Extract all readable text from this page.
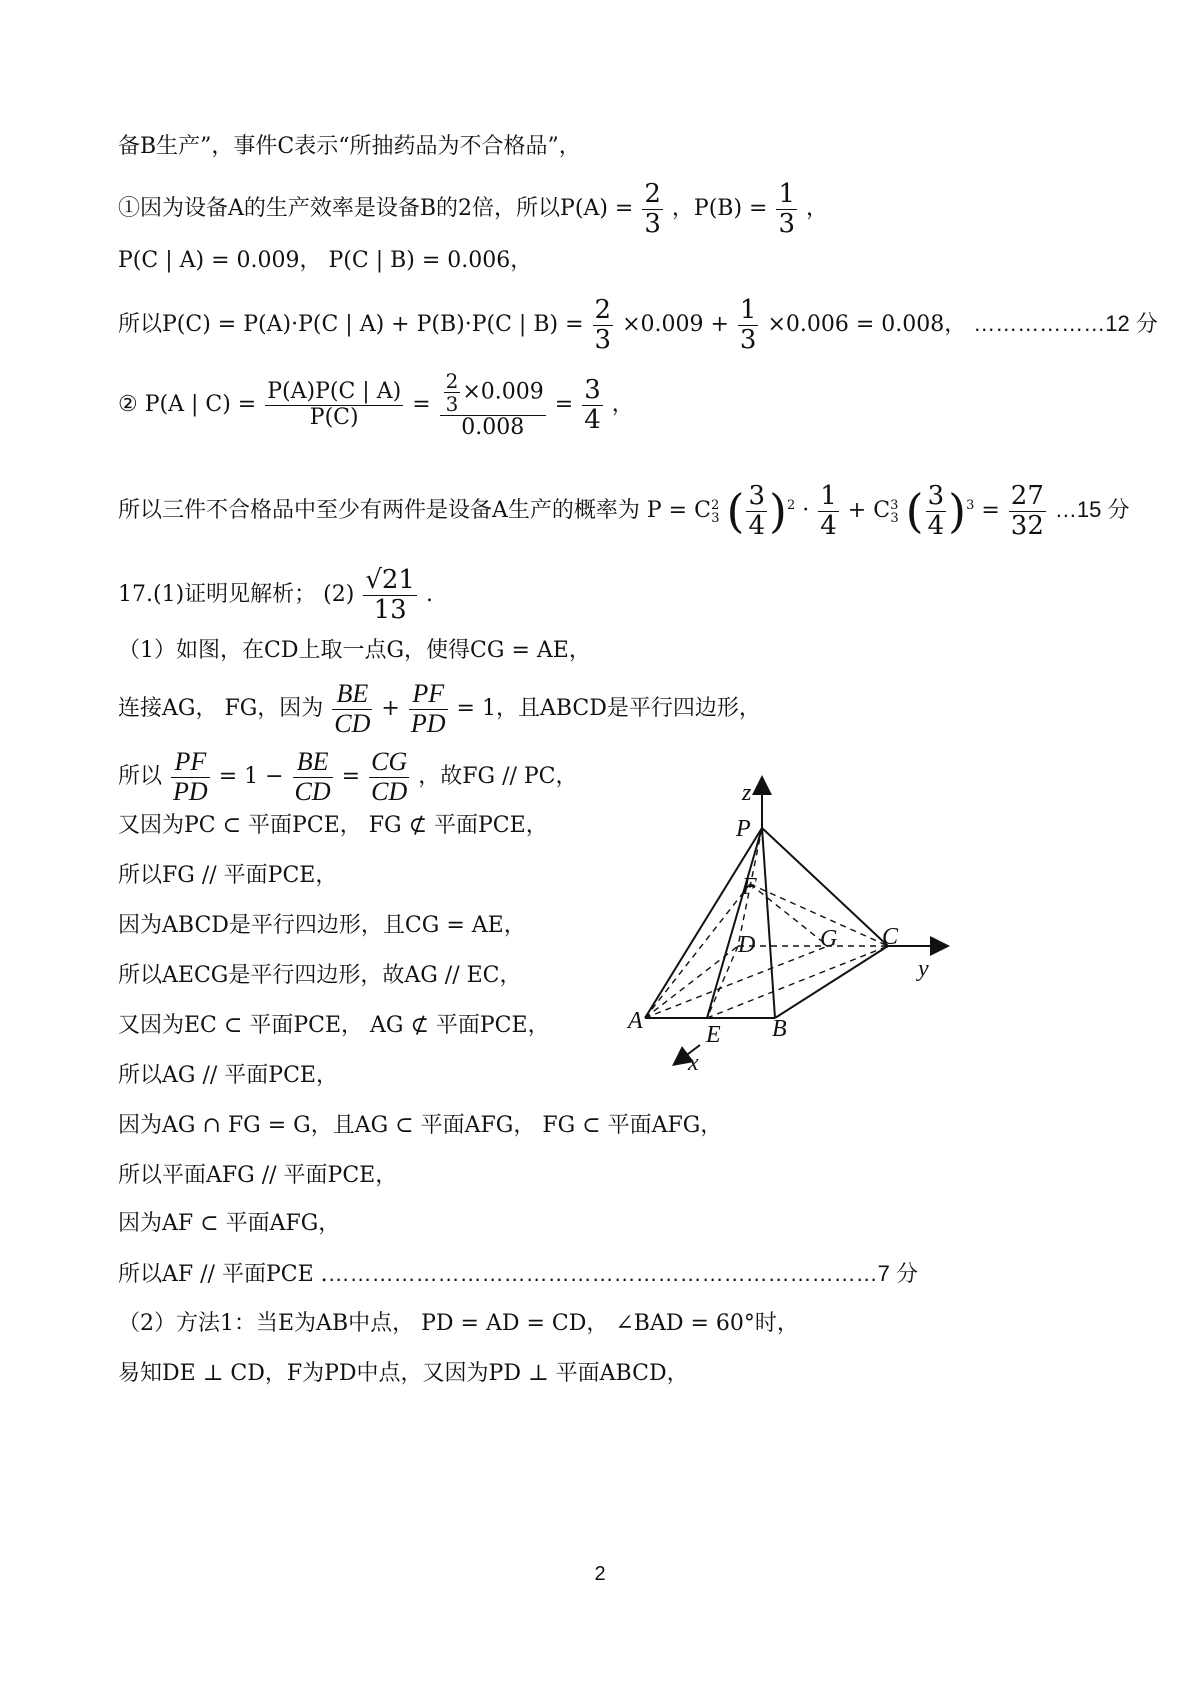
备B生产”，事件C表示“所抽药品为不合格品”，
①因为设备A的生产效率是设备B的2倍，所以$P(A) = \frac{2}{3}$ ，$P(B) = \frac{1}{3}$ ，
P(C | A) = 0.009， P(C | B) = 0.006，
所以P(C) = P(A)·P(C | A) + P(B)·P(C | $B) = \frac{2}{3} \times 0.009 + \frac{1}{3} \times 0.006 = 0.008$， ………………12 分
② P(A | $C) = \frac{P(A)P(C | A)}{P(C)} = \frac{\frac{2}{3} \times 0.009}{0.008} = \frac{3}{4}$ ，
所以三件不合格品中至少有两件是设备A生产的概率为 $P = C^2_3$ ( $\frac{3}{4} )^2 \cdot \frac{1}{4} + C^3_3$ ( $\frac{3}{4} )^3 = \frac{27}{32}$ …15 分
17.(1)证明见解析； $(2) \frac{√21}{13}$ .
（1）如图，在CD上取一点G，使得CG = AE，
连接AG， FG，因为 $\frac{BE}{CD} + \frac{PF}{PD} = 1$，且ABCD是平行四边形，
所以 $\frac{PF}{PD} = 1 - \frac{BE}{CD} = \frac{CG}{CD}$ ，故FG // PC，
又因为PC ⊂ 平面PCE， FG ⊄ 平面PCE，
所以FG // 平面PCE，
因为ABCD是平行四边形，且CG = AE，
所以AECG是平行四边形，故AG // EC，
又因为EC ⊂ 平面PCE， AG ⊄ 平面PCE，
所以AG // 平面PCE，
因为AG ∩ FG = G，且AG ⊂ 平面AFG， FG ⊂ 平面AFG，
所以平面AFG // 平面PCE，
因为AF ⊂ 平面AFG，
所以AF // 平面PCE .…………………………………………………………………7 分
（2）方法1：当E为AB中点， PD = AD = CD， ∠BAD = 60°时，
易知DE ⊥ CD，F为PD中点，又因为PD ⊥ 平面ABCD，
z
y
x
P
F
D	G C
A
E B
2
